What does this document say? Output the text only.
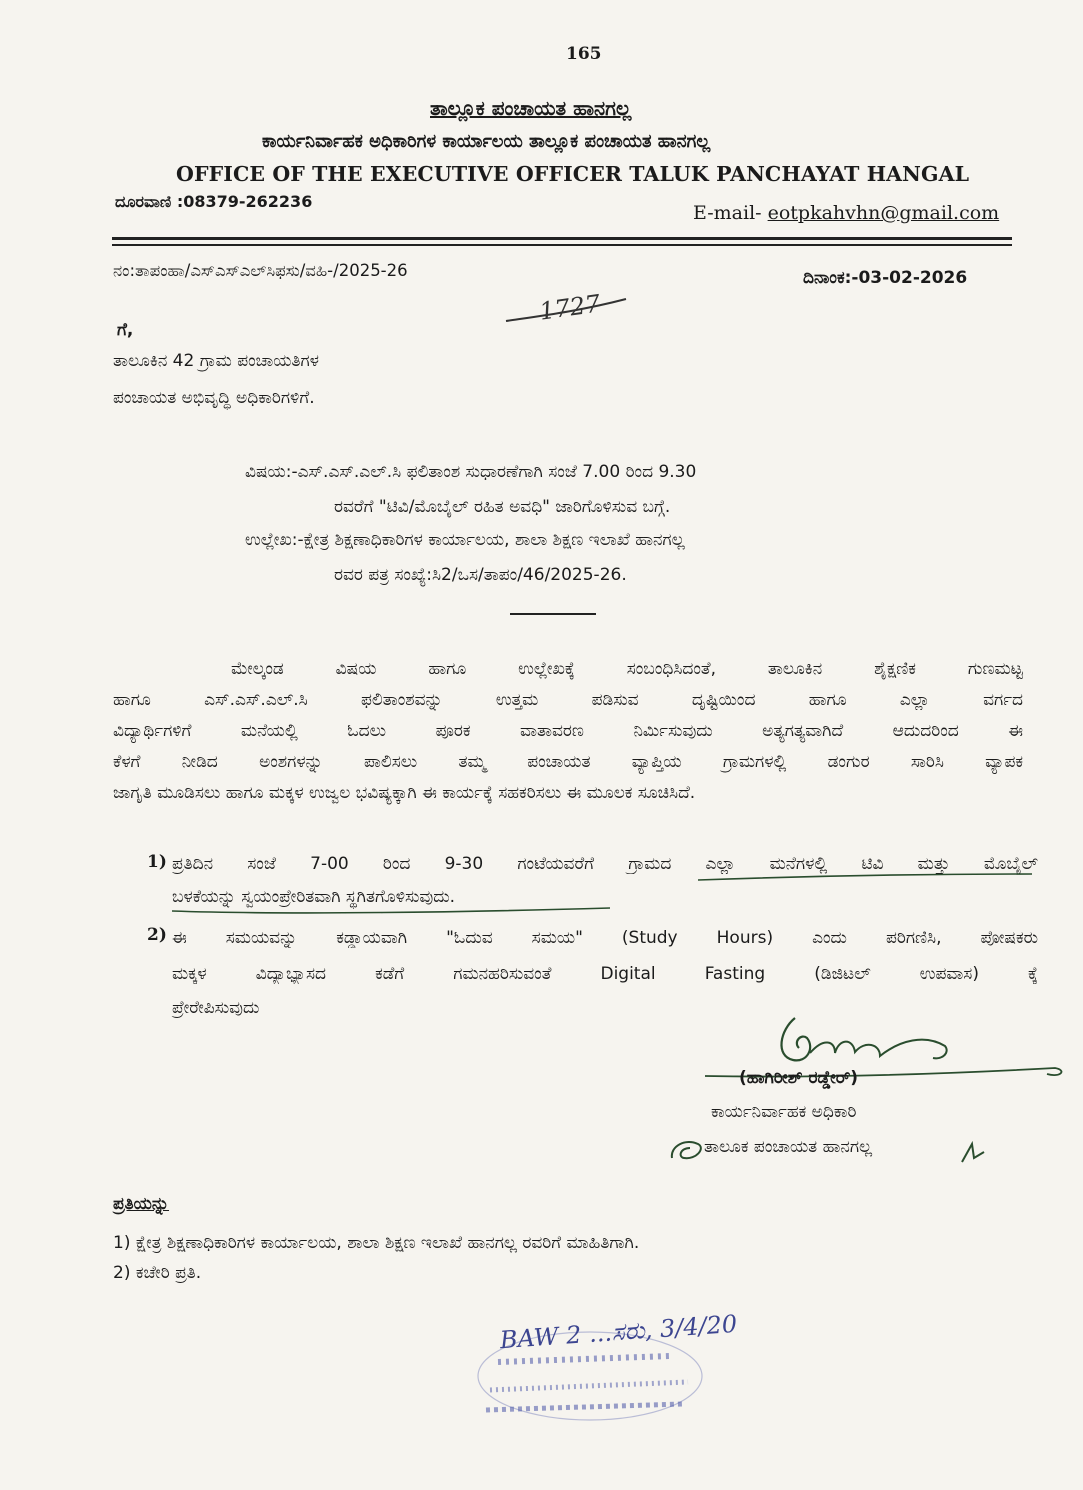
165
ತಾಲ್ಲೂಕ ಪಂಚಾಯತ ಹಾನಗಲ್ಲ
ಕಾರ್ಯನಿರ್ವಾಹಕ ಅಧಿಕಾರಿಗಳ ಕಾರ್ಯಾಲಯ ತಾಲ್ಲೂಕ ಪಂಚಾಯತ ಹಾನಗಲ್ಲ
OFFICE OF THE EXECUTIVE OFFICER TALUK PANCHAYAT HANGAL
ದೂರವಾಣಿ :08379-262236
E-mail- eotpkahvhn@gmail.com
ನಂ:ತಾಪಂಹಾ/ಎಸ್ಎಸ್ಎಲ್‌ಸಿಫಸು/ವಹಿ-/2025-26	ದಿನಾಂಕ:-03-02-2026
1727
ಗೆ,
ತಾಲೂಕಿನ 42 ಗ್ರಾಮ ಪಂಚಾಯತಿಗಳ
ಪಂಚಾಯತ ಅಭಿವೃದ್ಧಿ ಅಧಿಕಾರಿಗಳಿಗೆ.
ವಿಷಯ:-ಎಸ್.ಎಸ್.ಎಲ್.ಸಿ ಫಲಿತಾಂಶ ಸುಧಾರಣೆಗಾಗಿ ಸಂಜೆ 7.00 ರಿಂದ 9.30
ರವರೆಗೆ "ಟಿವಿ/ಮೊಬೈಲ್ ರಹಿತ ಅವಧಿ" ಜಾರಿಗೊಳಿಸುವ ಬಗ್ಗೆ.
ಉಲ್ಲೇಖ:-ಕ್ಷೇತ್ರ ಶಿಕ್ಷಣಾಧಿಕಾರಿಗಳ ಕಾರ್ಯಾಲಯ, ಶಾಲಾ ಶಿಕ್ಷಣ ಇಲಾಖೆ ಹಾನಗಲ್ಲ
ರವರ ಪತ್ರ ಸಂಖ್ಯೆ:ಸಿ2/ಒಸ/ತಾಪಂ/46/2025-26.
ಮೇಲ್ಕಂಡ ವಿಷಯ ಹಾಗೂ ಉಲ್ಲೇಖಕ್ಕೆ ಸಂಬಂಧಿಸಿದಂತೆ, ತಾಲೂಕಿನ ಶೈಕ್ಷಣಿಕ ಗುಣಮಟ್ಟ
ಹಾಗೂ ಎಸ್.ಎಸ್.ಎಲ್.ಸಿ ಫಲಿತಾಂಶವನ್ನು ಉತ್ತಮ ಪಡಿಸುವ ದೃಷ್ಟಿಯಿಂದ ಹಾಗೂ ಎಲ್ಲಾ ವರ್ಗದ
ವಿದ್ಯಾರ್ಥಿಗಳಿಗೆ ಮನೆಯಲ್ಲಿ ಓದಲು ಪೂರಕ ವಾತಾವರಣ ನಿರ್ಮಿಸುವುದು ಅತ್ಯಗತ್ಯವಾಗಿದೆ ಆದುದರಿಂದ ಈ
ಕೆಳಗೆ ನೀಡಿದ ಅಂಶಗಳನ್ನು ಪಾಲಿಸಲು ತಮ್ಮ ಪಂಚಾಯತ ವ್ಯಾಪ್ತಿಯ ಗ್ರಾಮಗಳಲ್ಲಿ ಡಂಗುರ ಸಾರಿಸಿ ವ್ಯಾಪಕ
ಜಾಗೃತಿ ಮೂಡಿಸಲು ಹಾಗೂ ಮಕ್ಕಳ ಉಜ್ವಲ ಭವಿಷ್ಯಕ್ಕಾಗಿ ಈ ಕಾರ್ಯಕ್ಕೆ ಸಹಕರಿಸಲು ಈ ಮೂಲಕ ಸೂಚಿಸಿದೆ.
1) ಪ್ರತಿದಿನ ಸಂಜೆ 7-00 ರಿಂದ 9-30 ಗಂಟೆಯವರೆಗೆ ಗ್ರಾಮದ ಎಲ್ಲಾ ಮನೆಗಳಲ್ಲಿ ಟಿವಿ ಮತ್ತು ಮೊಬೈಲ್
ಬಳಕೆಯನ್ನು ಸ್ವಯಂಪ್ರೇರಿತವಾಗಿ ಸ್ಥಗಿತಗೊಳಿಸುವುದು.
2) ಈ ಸಮಯವನ್ನು ಕಡ್ಡಾಯವಾಗಿ "ಓದುವ ಸಮಯ" (Study Hours) ಎಂದು ಪರಿಗಣಿಸಿ, ಪೋಷಕರು
ಮಕ್ಕಳ ವಿದ್ಯಾಭ್ಯಾಸದ ಕಡೆಗೆ ಗಮನಹರಿಸುವಂತೆ Digital Fasting (ಡಿಜಿಟಲ್ ಉಪವಾಸ) ಕ್ಕೆ
ಪ್ರೇರೇಪಿಸುವುದು
(ಹಾಗಿರೀಶ್ ರಡ್ಡೇರ್)
ಕಾರ್ಯನಿರ್ವಾಹಕ ಅಧಿಕಾರಿ
ತಾಲೂಕ ಪಂಚಾಯತ ಹಾನಗಲ್ಲ
ಪ್ರತಿಯನ್ನು
1) ಕ್ಷೇತ್ರ ಶಿಕ್ಷಣಾಧಿಕಾರಿಗಳ ಕಾರ್ಯಾಲಯ, ಶಾಲಾ ಶಿಕ್ಷಣ ಇಲಾಖೆ ಹಾನಗಲ್ಲ ರವರಿಗೆ ಮಾಹಿತಿಗಾಗಿ.
2) ಕಚೇರಿ ಪ್ರತಿ.
BAW 2 ...ಸರು, 3/4/20
